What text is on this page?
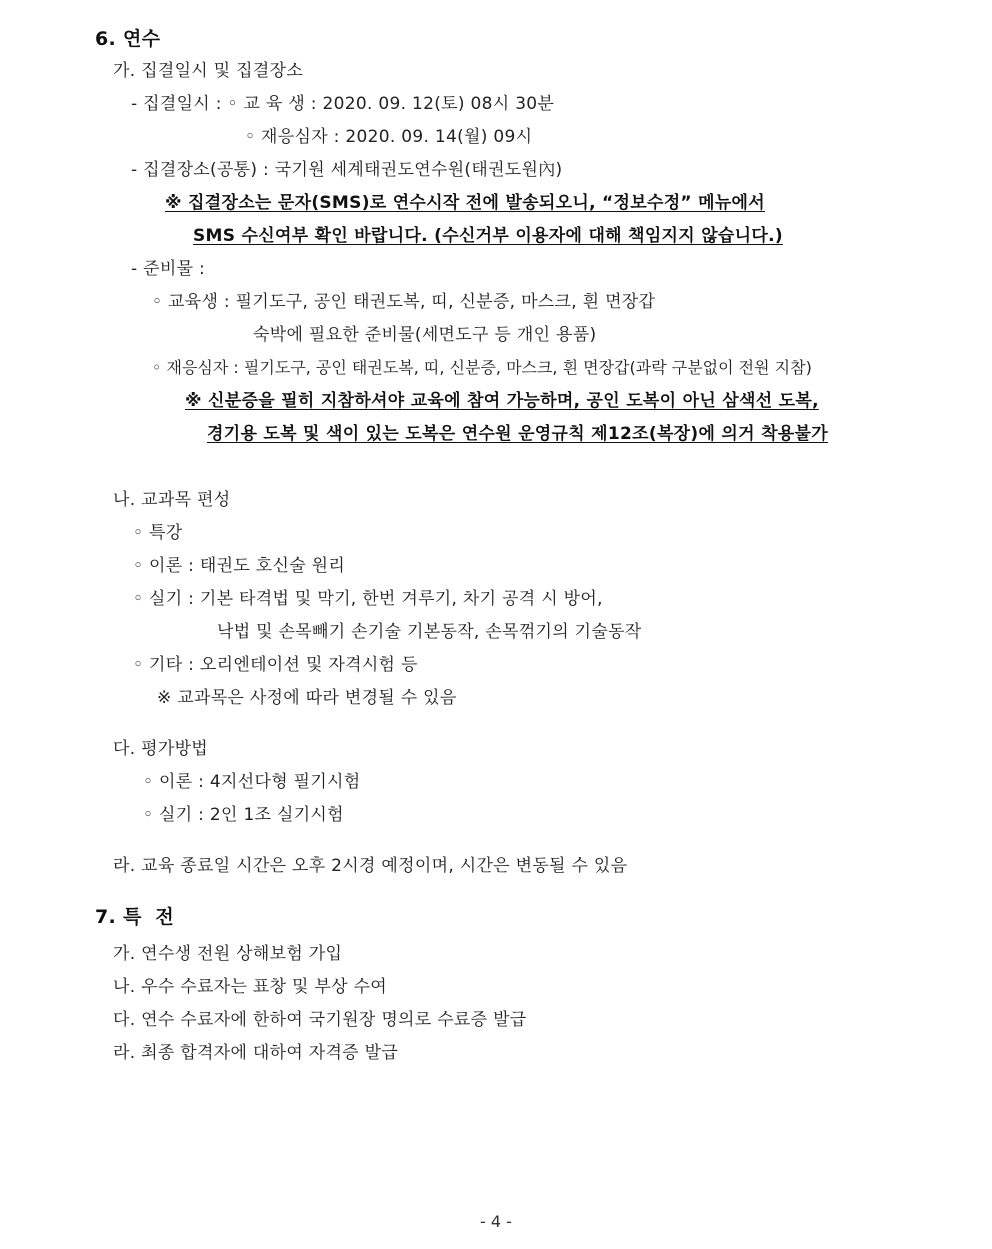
6. 연수
가. 집결일시 및 집결장소
- 집결일시 : ◦ 교 육 생 : 2020. 09. 12(토) 08시 30분
◦ 재응심자 : 2020. 09. 14(월) 09시
- 집결장소(공통) : 국기원 세계태권도연수원(태권도원內)
※ 집결장소는 문자(SMS)로 연수시작 전에 발송되오니, “정보수정” 메뉴에서
SMS 수신여부 확인 바랍니다. (수신거부 이용자에 대해 책임지지 않습니다.)
- 준비물 :
◦ 교육생 : 필기도구, 공인 태권도복, 띠, 신분증, 마스크, 흰 면장갑
숙박에 필요한 준비물(세면도구 등 개인 용품)
◦ 재응심자 : 필기도구, 공인 태권도복, 띠, 신분증, 마스크, 흰 면장갑(과락 구분없이 전원 지참)
※ 신분증을 필히 지참하셔야 교육에 참여 가능하며, 공인 도복이 아닌 삼색선 도복,
경기용 도복 및 색이 있는 도복은 연수원 운영규칙 제12조(복장)에 의거 착용불가
나. 교과목 편성
◦ 특강
◦ 이론 : 태권도 호신술 원리
◦ 실기 : 기본 타격법 및 막기, 한번 겨루기, 차기 공격 시 방어,
낙법 및 손목빼기 손기술 기본동작, 손목꺾기의 기술동작
◦ 기타 : 오리엔테이션 및 자격시험 등
※ 교과목은 사정에 따라 변경될 수 있음
다. 평가방법
◦ 이론 : 4지선다형 필기시험
◦ 실기 : 2인 1조 실기시험
라. 교육 종료일 시간은 오후 2시경 예정이며, 시간은 변동될 수 있음
7. 특  전
가. 연수생 전원 상해보험 가입
나. 우수 수료자는 표창 및 부상 수여
다. 연수 수료자에 한하여 국기원장 명의로 수료증 발급
라. 최종 합격자에 대하여 자격증 발급
- 4 -
